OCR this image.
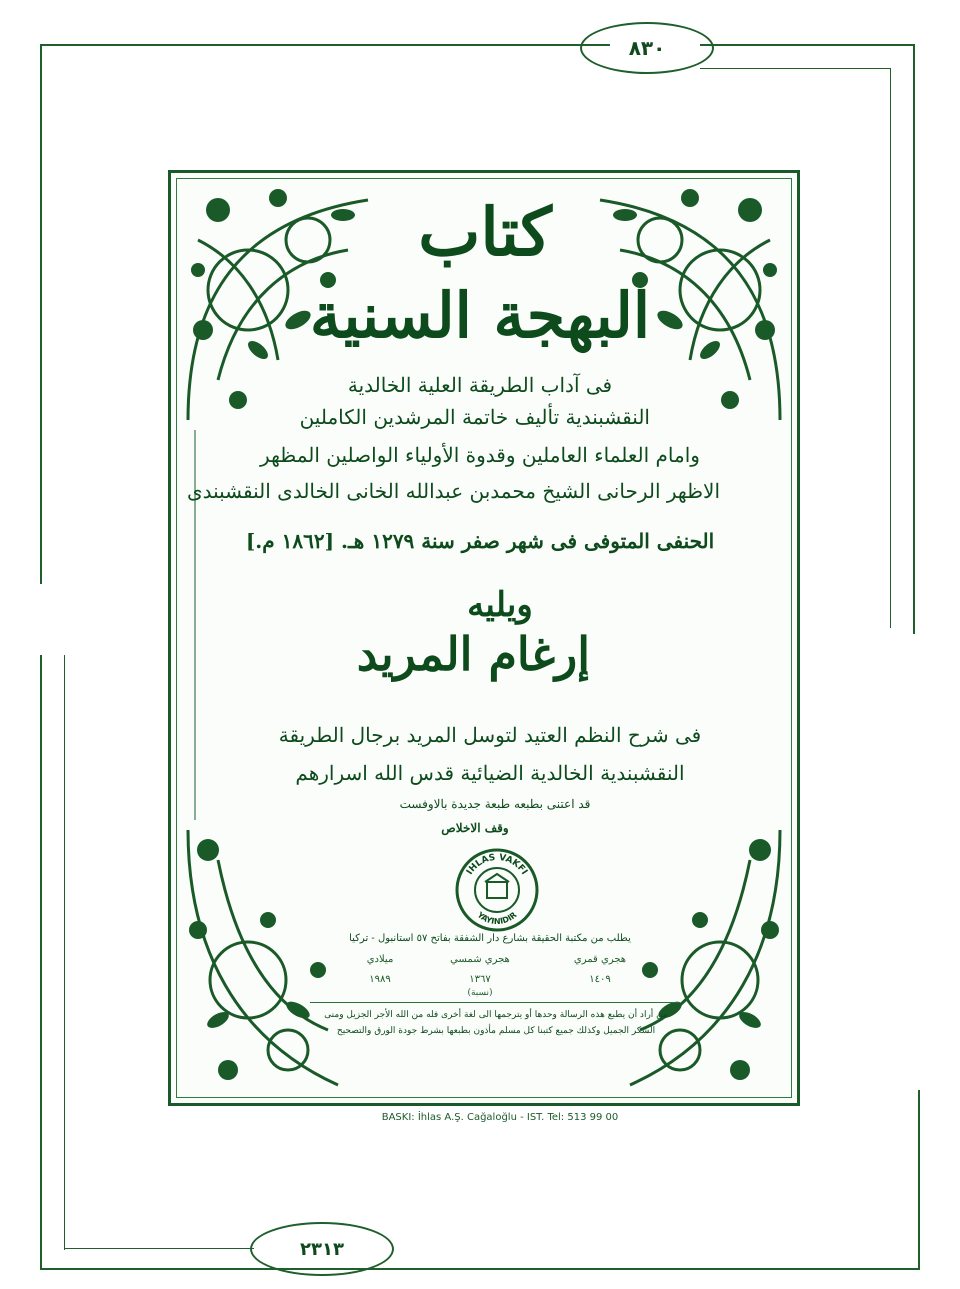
٨٣٠
٢٣١٣
كتاب
البهجة السنية
فى آداب الطريقة العلية الخالدية
النقشبندية تأليف خاتمة المرشدين الكاملين
وامام العلماء العاملين وقدوة الأولياء الواصلين المظهر
الاظهر الرحانى الشيخ محمدبن عبدالله الخانى الخالدى النقشبندى
الحنفى المتوفى فى شهر صفر سنة ١٢٧٩ هـ. [١٨٦٢ م.]
ويليه
إرغام المريد
فى شرح النظم العتيد لتوسل المريد برجال الطريقة
النقشبندية الخالدية الضيائية قدس الله اسرارهم
قد اعتنى بطبعه طبعة جديدة بالاوفست
وقف الاخلاص
IHLAS VAKFI
YAYINIDIR
يطلب من مكتبة الحقيقة بشارع دار الشفقة بفاتح ٥٧ استانبول - تركيا
هجري قمري
هجري شمسي
ميلادي
١٤٠٩
١٣٦٧
١٩٨٩
(نسبة)
من أراد أن يطبع هذه الرسالة وحدها أو يترجمها الى لغة أخرى فله من الله الأجر الجزيل ومنى
الشكر الجميل وكذلك جميع كتبنا كل مسلم مأذون بطبعها بشرط جودة الورق والتصحيح
BASKI: İhlas A.Ş. Cağaloğlu - IST. Tel: 513 99 00
